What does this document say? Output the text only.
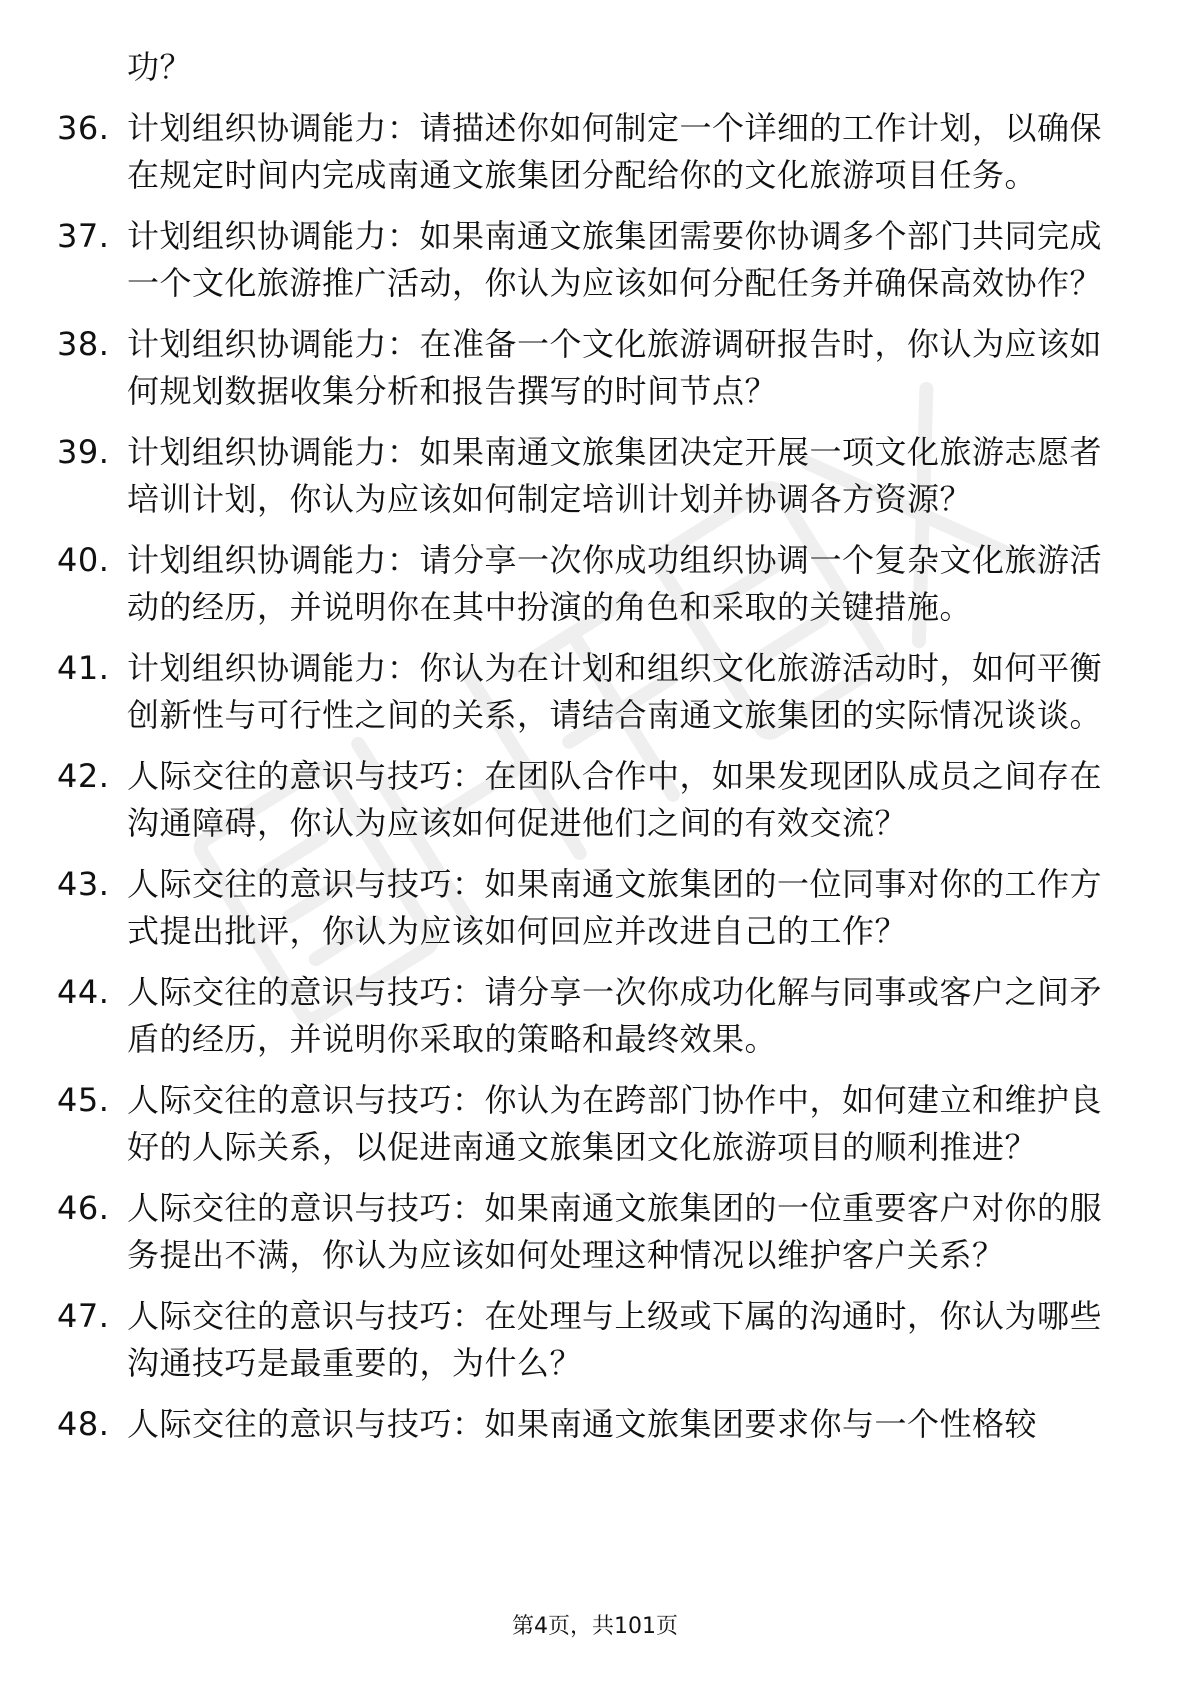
功？
36. 计划组织协调能力：请描述你如何制定一个详细的工作计划，以确保在规定时间内完成南通文旅集团分配给你的文化旅游项目任务。
37. 计划组织协调能力：如果南通文旅集团需要你协调多个部门共同完成一个文化旅游推广活动，你认为应该如何分配任务并确保高效协作？
38. 计划组织协调能力：在准备一个文化旅游调研报告时，你认为应该如何规划数据收集分析和报告撰写的时间节点？
39. 计划组织协调能力：如果南通文旅集团决定开展一项文化旅游志愿者培训计划，你认为应该如何制定培训计划并协调各方资源？
40. 计划组织协调能力：请分享一次你成功组织协调一个复杂文化旅游活动的经历，并说明你在其中扮演的角色和采取的关键措施。
41. 计划组织协调能力：你认为在计划和组织文化旅游活动时，如何平衡创新性与可行性之间的关系，请结合南通文旅集团的实际情况谈谈。
42. 人际交往的意识与技巧：在团队合作中，如果发现团队成员之间存在沟通障碍，你认为应该如何促进他们之间的有效交流？
43. 人际交往的意识与技巧：如果南通文旅集团的一位同事对你的工作方式提出批评，你认为应该如何回应并改进自己的工作？
44. 人际交往的意识与技巧：请分享一次你成功化解与同事或客户之间矛盾的经历，并说明你采取的策略和最终效果。
45. 人际交往的意识与技巧：你认为在跨部门协作中，如何建立和维护良好的人际关系，以促进南通文旅集团文化旅游项目的顺利推进？
46. 人际交往的意识与技巧：如果南通文旅集团的一位重要客户对你的服务提出不满，你认为应该如何处理这种情况以维护客户关系？
47. 人际交往的意识与技巧：在处理与上级或下属的沟通时，你认为哪些沟通技巧是最重要的，为什么？
48. 人际交往的意识与技巧：如果南通文旅集团要求你与一个性格较
第4页，共101页
